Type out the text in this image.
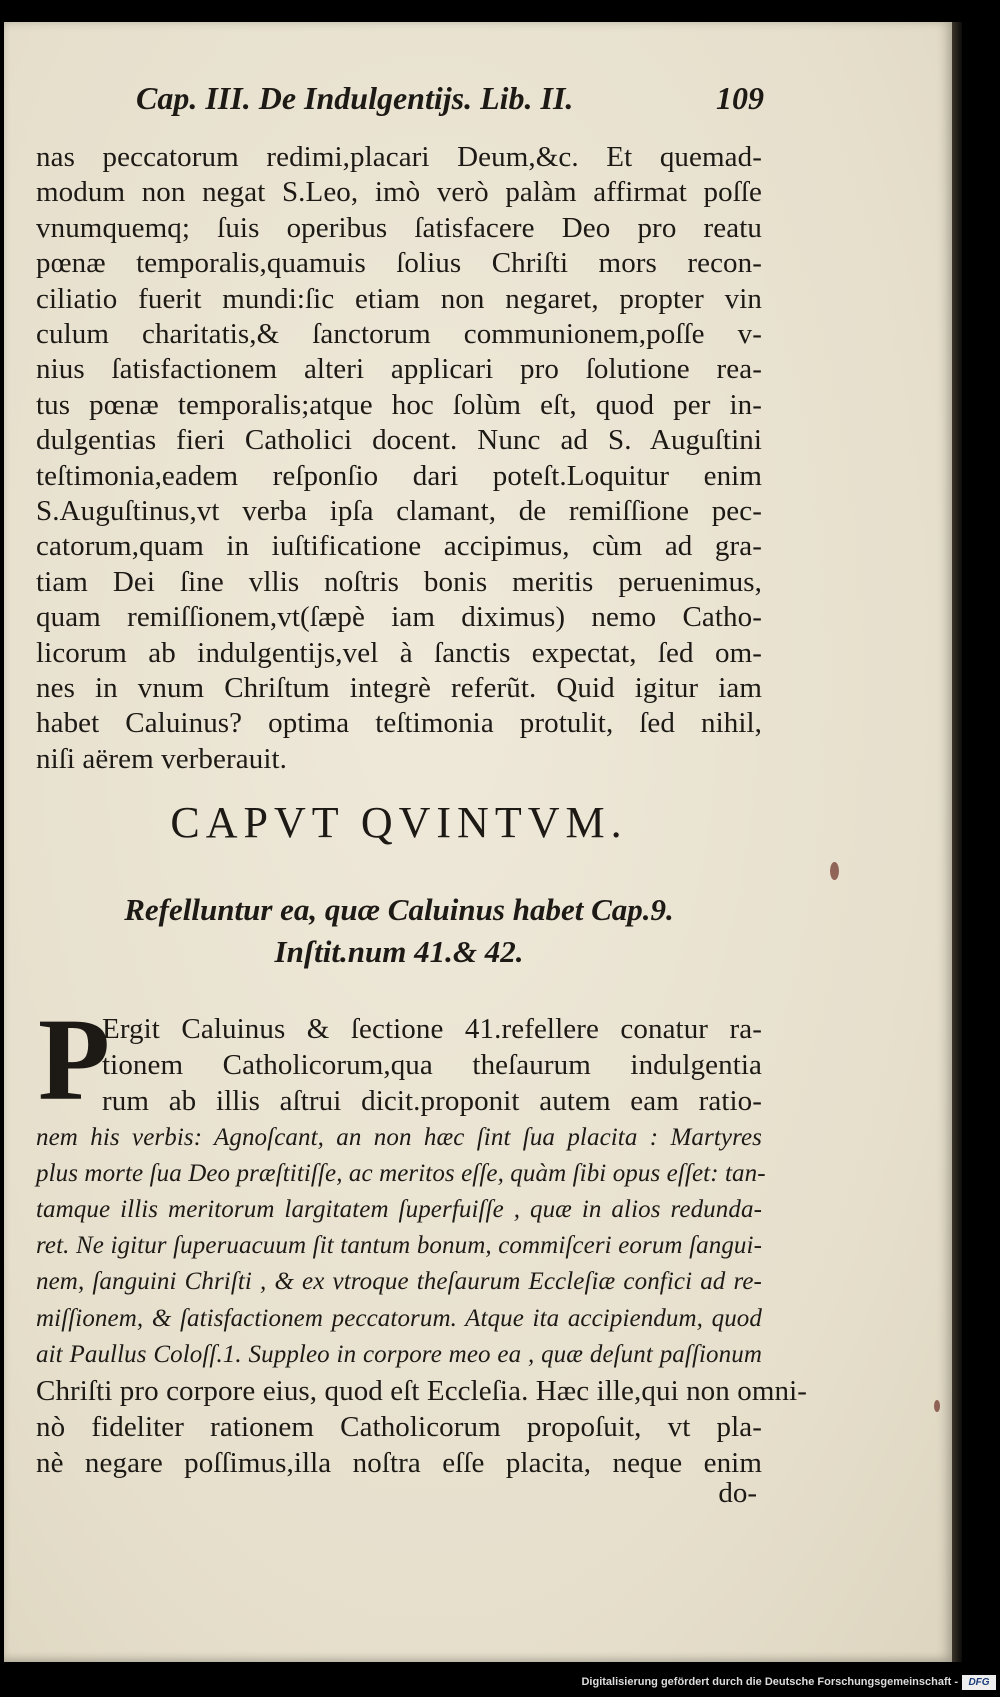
Cap. III. De Indulgentijs. Lib. II.	109
nas peccatorum redimi,placari Deum,&c. Et quemad-
modum non negat S.Leo, imò verò palàm affirmat poſſe
vnumquemq; ſuis operibus ſatisfacere Deo pro reatu
pœnæ temporalis,quamuis ſolius Chriſti mors recon-
ciliatio fuerit mundi:ſic etiam non negaret, propter vin
culum charitatis,& ſanctorum communionem,poſſe v-
nius ſatisfactionem alteri applicari pro ſolutione rea-
tus pœnæ temporalis;atque hoc ſolùm eſt, quod per in-
dulgentias fieri Catholici docent. Nunc ad S. Auguſtini
teſtimonia,eadem reſponſio dari poteſt.Loquitur enim
S.Auguſtinus,vt verba ipſa clamant, de remiſſione pec-
catorum,quam in iuſtificatione accipimus, cùm ad gra-
tiam Dei ſine vllis noſtris bonis meritis peruenimus,
quam remiſſionem,vt(ſæpè iam diximus) nemo Catho-
licorum ab indulgentijs,vel à ſanctis expectat, ſed om-
nes in vnum Chriſtum integrè referũt. Quid igitur iam
habet Caluinus? optima teſtimonia protulit, ſed nihil,
niſi aërem verberauit.
CAPVT QVINTVM.
Refelluntur ea, quæ Caluinus habet Cap.9.
Inſtit.num 41.& 42.
P
Ergit Caluinus & ſectione 41.refellere conatur ra-
tionem Catholicorum,qua theſaurum indulgentia
rum ab illis aſtrui dicit.proponit autem eam ratio-
nem his verbis: Agnoſcant, an non hæc ſint ſua placita : Martyres
plus morte ſua Deo præſtitiſſe, ac meritos eſſe, quàm ſibi opus eſſet: tan-
tamque illis meritorum largitatem ſuperfuiſſe , quæ in alios redunda-
ret. Ne igitur ſuperuacuum ſit tantum bonum, commiſceri eorum ſangui-
nem, ſanguini Chriſti , & ex vtroque theſaurum Eccleſiæ confici ad re-
miſſionem, & ſatisfactionem peccatorum. Atque ita accipiendum, quod
ait Paullus Coloſſ.1. Suppleo in corpore meo ea , quæ deſunt paſſionum
Chriſti pro corpore eius, quod eſt Eccleſia. Hæc ille,qui non omni-
nò fideliter rationem Catholicorum propoſuit, vt pla-
nè negare poſſimus,illa noſtra eſſe placita, neque enim
do-
Digitalisierung gefördert durch die Deutsche Forschungsgemeinschaft -	DFG
